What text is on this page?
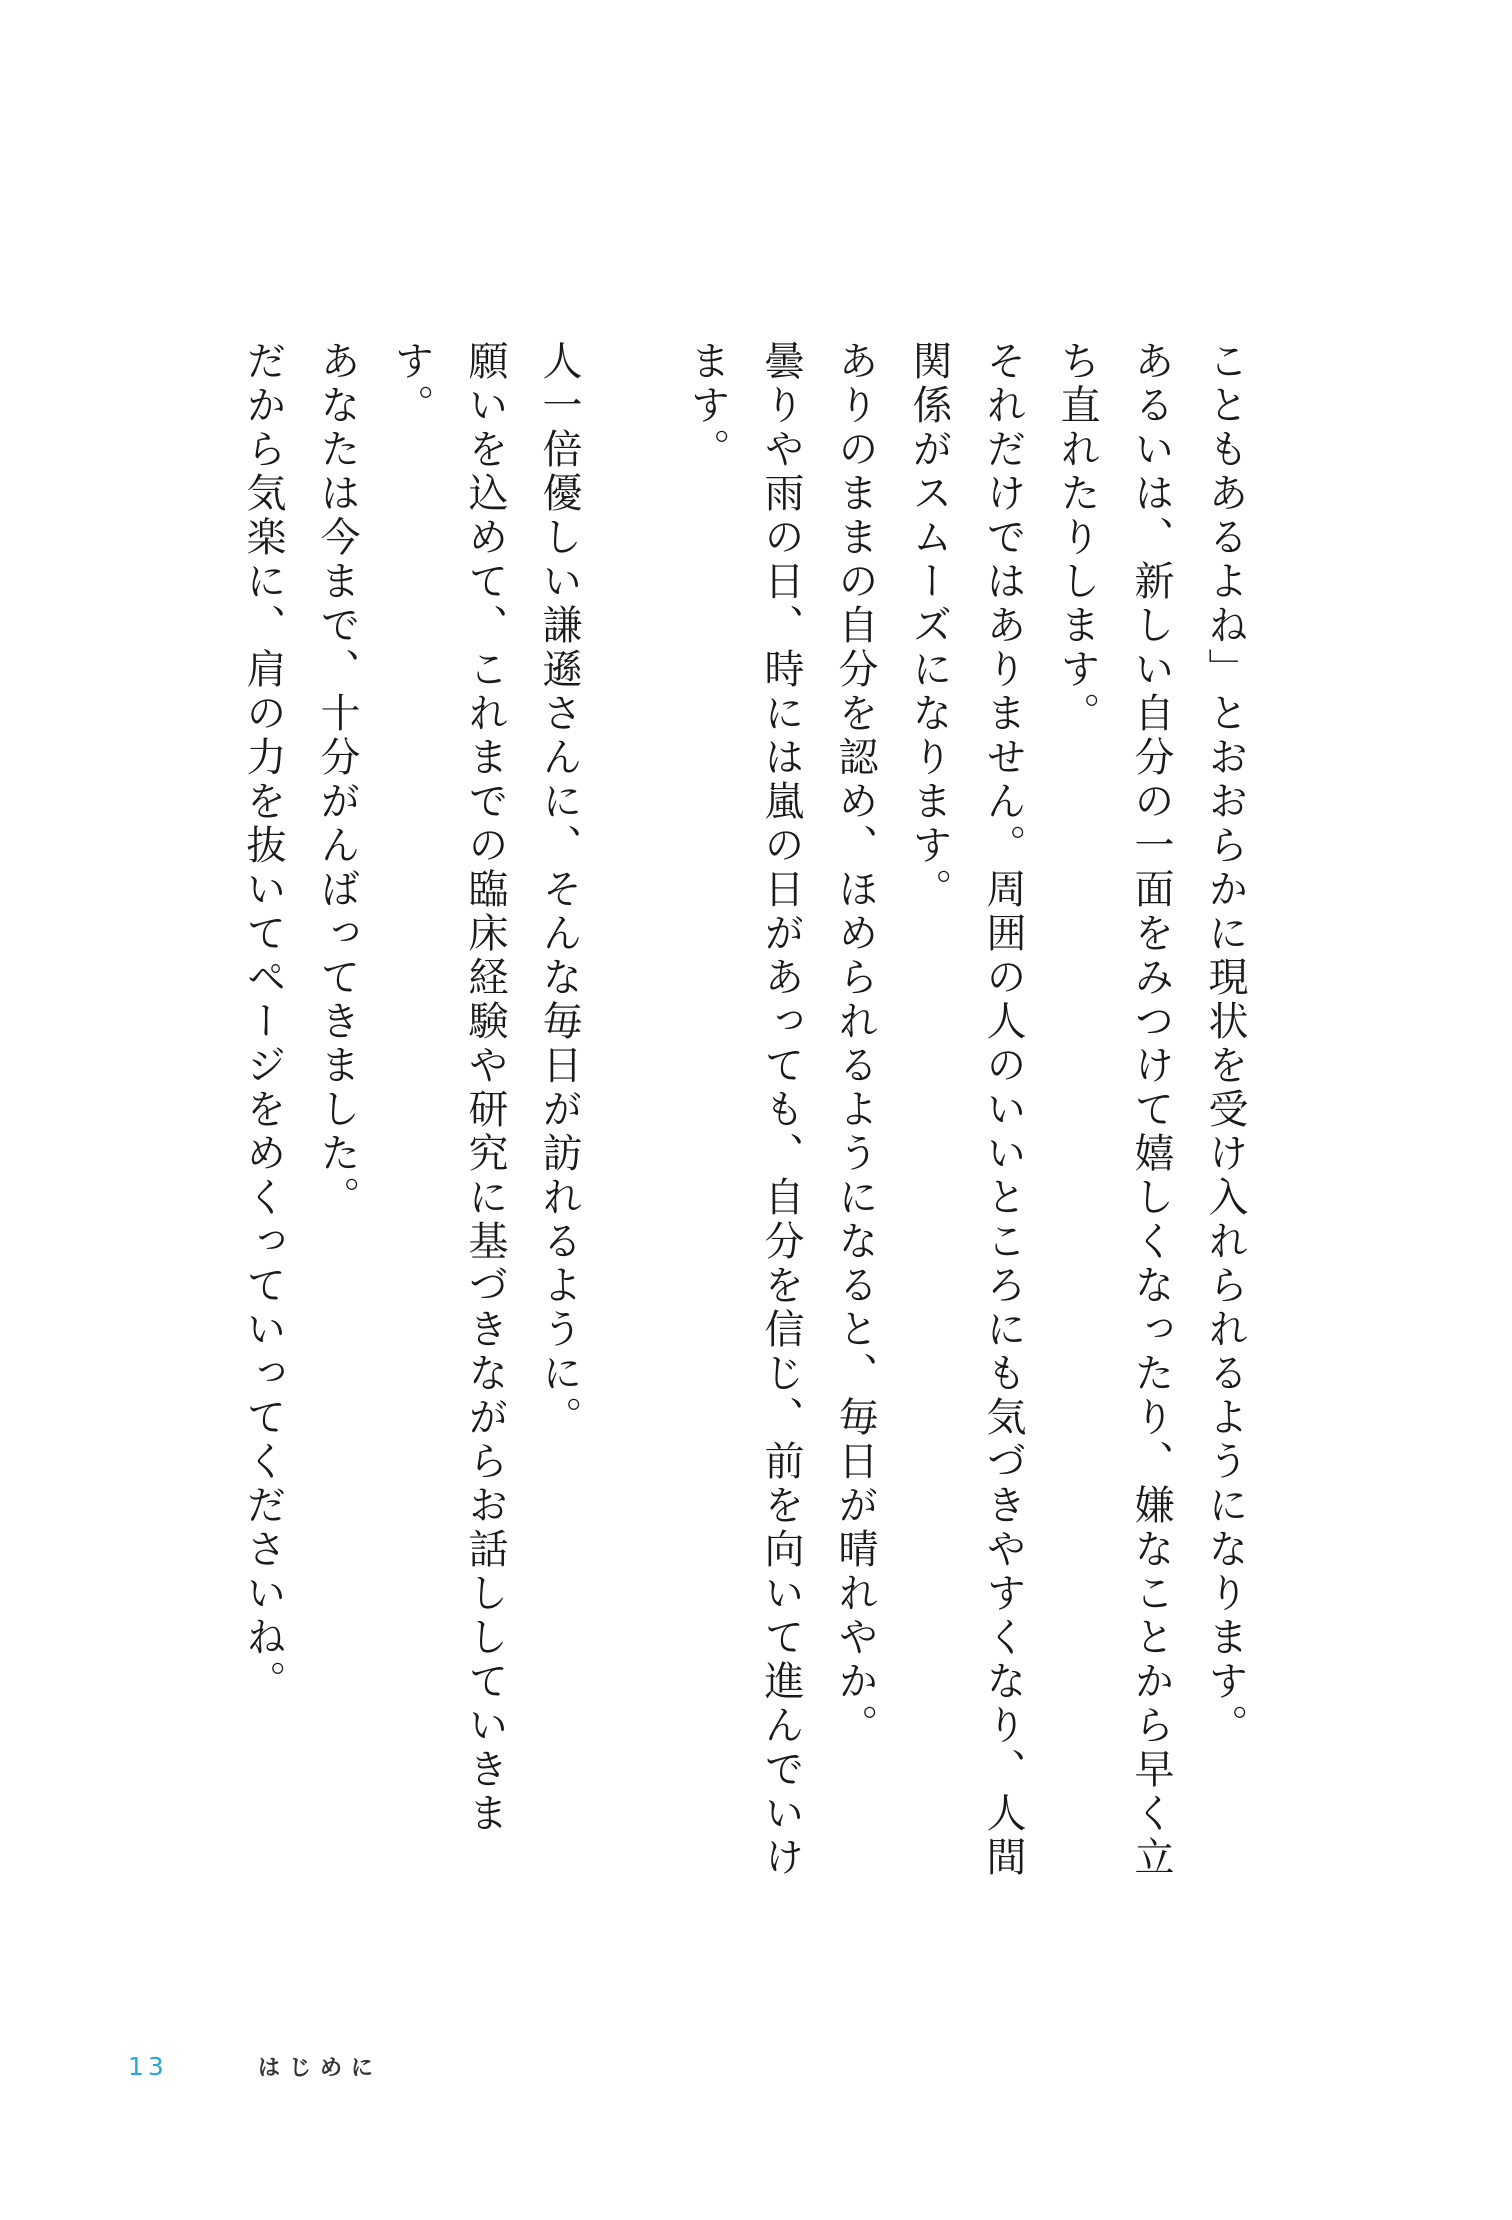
こともあるよね」とおおらかに現状を受け入れられるようになります。

あるいは、新しい自分の一面をみつけて嬉しくなったり、嫌なことから早く立
ち直れたりします。

それだけではありません。周囲の人のいいところにも気づきやすくなり、人間
関係がスムーズになります。

ありのままの自分を認め、ほめられるようになると、毎日が晴れやか。
曇りや雨の日、時には嵐の日があっても、自分を信じ、前を向いて進んでいけ
ます。

人一倍優しい謙遜さんに、そんな毎日が訪れるように。
願いを込めて、これまでの臨床経験や研究に基づきながらお話ししていきます。
あなたは今まで、十分がんばってきました。
だから気楽に、肩の力を抜いてページをめくっていってくださいね。

13	はじめに
